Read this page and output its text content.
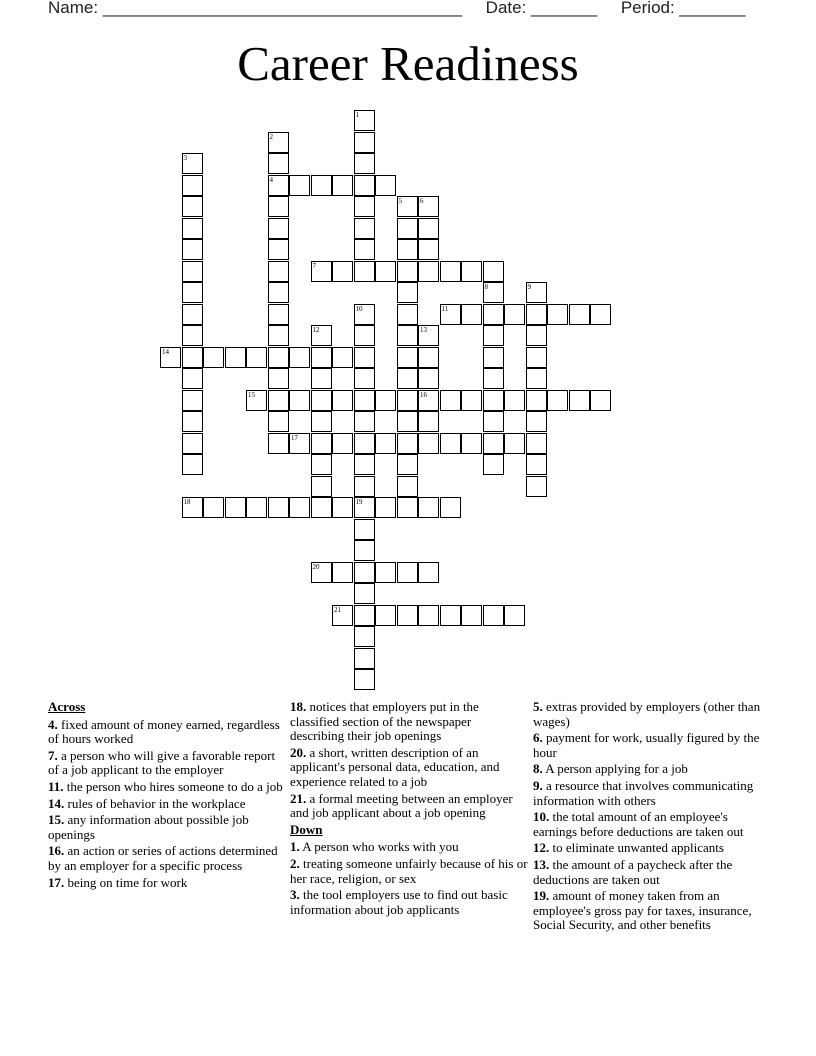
Name: ______________________________________     Date: _______     Period: _______
Career Readiness
1
2
3
4
5	6
7
8	9
10	11
12	13
14
15	16
17
18	19
20
21
Across
4. fixed amount of money earned, regardless of hours worked
7. a person who will give a favorable report of a job applicant to the employer
11. the person who hires someone to do a job
14. rules of behavior in the workplace
15. any information about possible job openings
16. an action or series of actions determined by an employer for a specific process
17. being on time for work
18. notices that employers put in the classified section of the newspaper describing their job openings
20. a short, written description of an applicant's personal data, education, and experience related to a job
21. a formal meeting between an employer and job applicant about a job opening
Down
1. A person who works with you
2. treating someone unfairly because of his or her race, religion, or sex
3. the tool employers use to find out basic information about job applicants
5. extras provided by employers (other than wages)
6. payment for work, usually figured by the hour
8. A person applying for a job
9. a resource that involves communicating information with others
10. the total amount of an employee's earnings before deductions are taken out
12. to eliminate unwanted applicants
13. the amount of a paycheck after the deductions are taken out
19. amount of money taken from an employee's gross pay for taxes, insurance, Social Security, and other benefits
